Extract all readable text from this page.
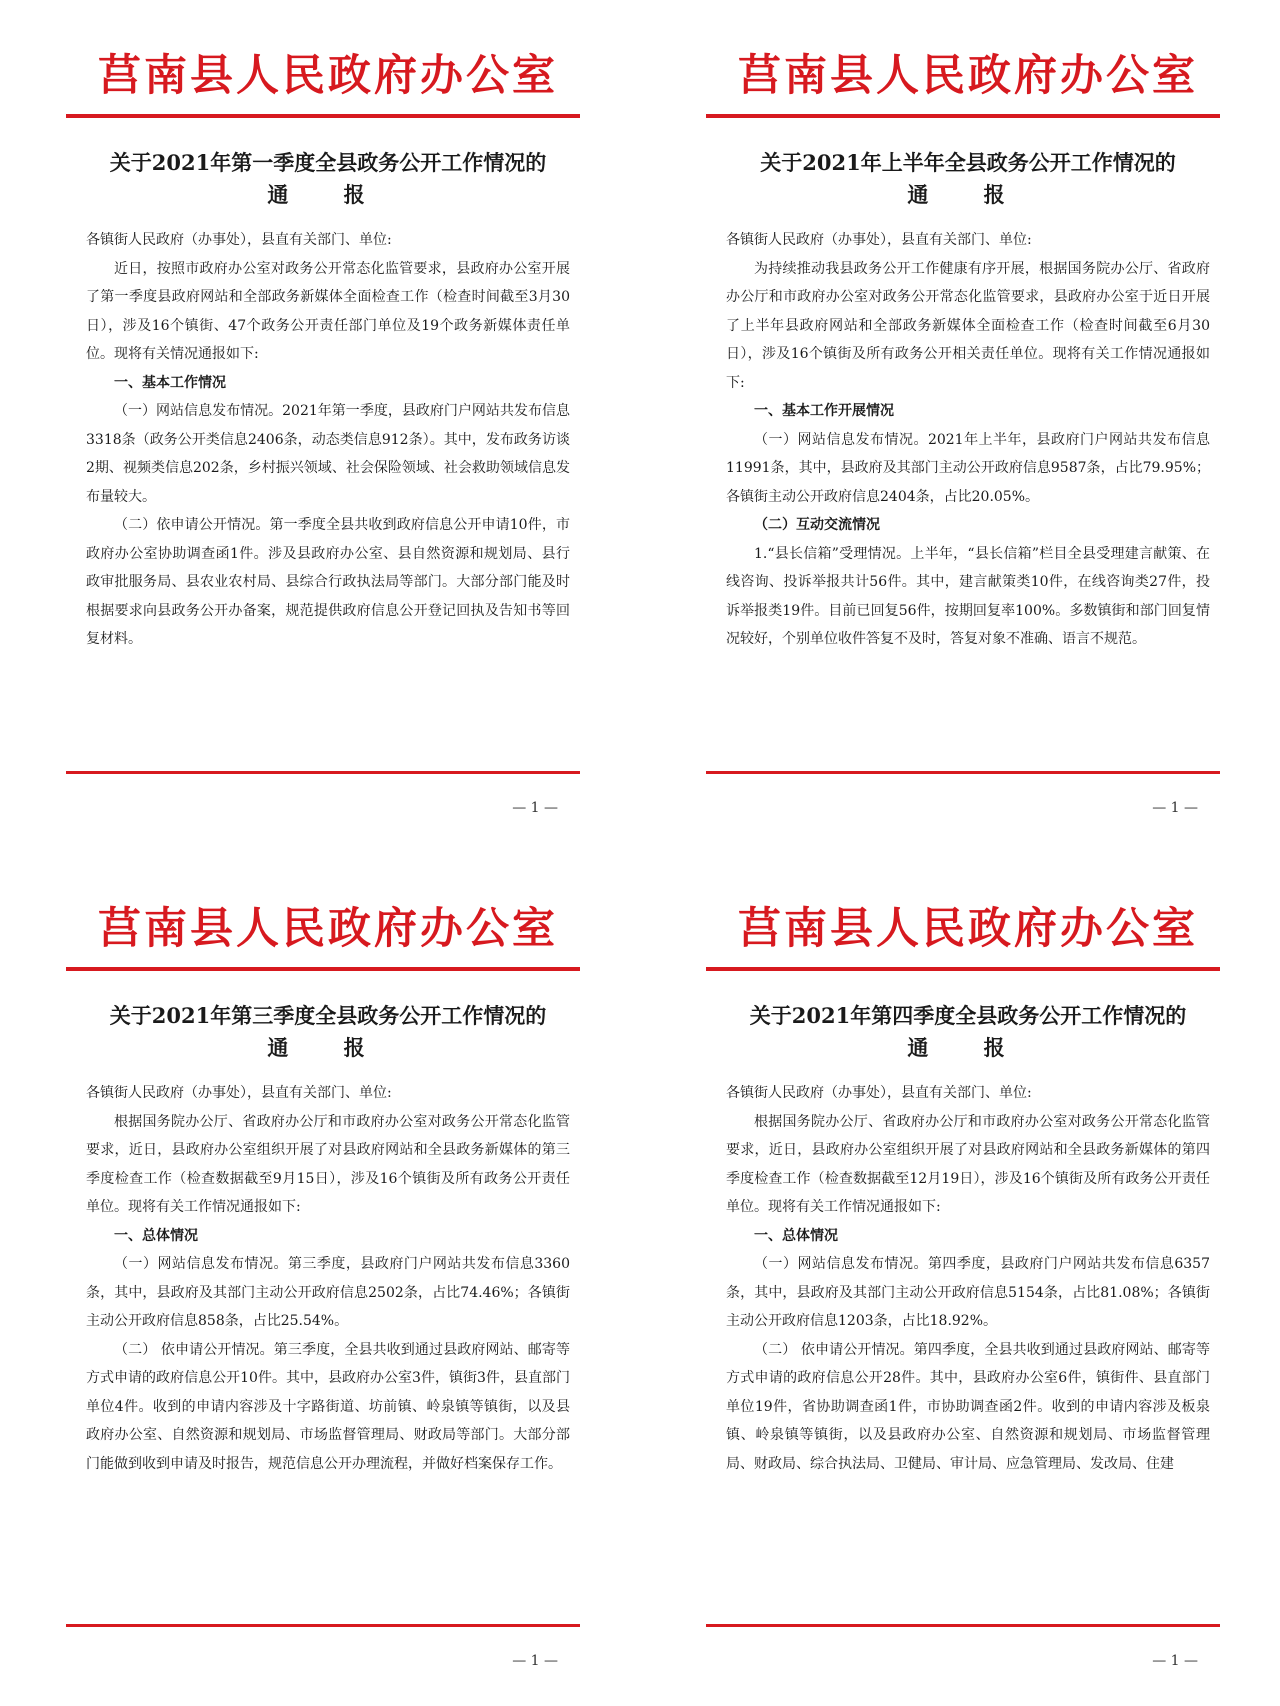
莒南县人民政府办公室
关于2021年第一季度全县政务公开工作情况的
通 报

各镇街人民政府（办事处），县直有关部门、单位:

近日，按照市政府办公室对政务公开常态化监管要求，县政府办公室开展了第一季度县政府网站和全部政务新媒体全面检查工作（检查时间截至3月30日），涉及16个镇街、47个政务公开责任部门单位及19个政务新媒体责任单位。现将有关情况通报如下:

一、基本工作情况

（一）网站信息发布情况。2021年第一季度，县政府门户网站共发布信息3318条（政务公开类信息2406条，动态类信息912条）。其中，发布政务访谈2期、视频类信息202条，乡村振兴领域、社会保险领域、社会救助领域信息发布量较大。

（二）依申请公开情况。第一季度全县共收到政府信息公开申请10件，市政府办公室协助调查函1件。涉及县政府办公室、县自然资源和规划局、县行政审批服务局、县农业农村局、县综合行政执法局等部门。大部分部门能及时根据要求向县政务公开办备案，规范提供政府信息公开登记回执及告知书等回复材料。

— 1 —
莒南县人民政府办公室
关于2021年上半年全县政务公开工作情况的
通 报

各镇街人民政府（办事处），县直有关部门、单位:

为持续推动我县政务公开工作健康有序开展，根据国务院办公厅、省政府办公厅和市政府办公室对政务公开常态化监管要求，县政府办公室于近日开展了上半年县政府网站和全部政务新媒体全面检查工作（检查时间截至6月30日），涉及16个镇街及所有政务公开相关责任单位。现将有关工作情况通报如下:

一、基本工作开展情况

（一）网站信息发布情况。2021年上半年，县政府门户网站共发布信息11991条，其中，县政府及其部门主动公开政府信息9587条，占比79.95%；各镇街主动公开政府信息2404条，占比20.05%。

（二）互动交流情况

1.“县长信箱”受理情况。上半年，“县长信箱”栏目全县受理建言献策、在线咨询、投诉举报共计56件。其中，建言献策类10件，在线咨询类27件，投诉举报类19件。目前已回复56件，按期回复率100%。多数镇街和部门回复情况较好，个别单位收件答复不及时，答复对象不准确、语言不规范。

— 1 —
莒南县人民政府办公室
关于2021年第三季度全县政务公开工作情况的
通 报

各镇街人民政府（办事处），县直有关部门、单位:

根据国务院办公厅、省政府办公厅和市政府办公室对政务公开常态化监管要求，近日，县政府办公室组织开展了对县政府网站和全县政务新媒体的第三季度检查工作（检查数据截至9月15日），涉及16个镇街及所有政务公开责任单位。现将有关工作情况通报如下:

一、总体情况

（一）网站信息发布情况。第三季度，县政府门户网站共发布信息3360条，其中，县政府及其部门主动公开政府信息2502条，占比74.46%；各镇街主动公开政府信息858条，占比25.54%。

（二） 依申请公开情况。第三季度，全县共收到通过县政府网站、邮寄等方式申请的政府信息公开10件。其中，县政府办公室3件，镇街3件，县直部门单位4件。收到的申请内容涉及十字路街道、坊前镇、岭泉镇等镇街，以及县政府办公室、自然资源和规划局、市场监督管理局、财政局等部门。大部分部门能做到收到申请及时报告，规范信息公开办理流程，并做好档案保存工作。

— 1 —
莒南县人民政府办公室
关于2021年第四季度全县政务公开工作情况的
通 报

各镇街人民政府（办事处），县直有关部门、单位:

根据国务院办公厅、省政府办公厅和市政府办公室对政务公开常态化监管要求，近日，县政府办公室组织开展了对县政府网站和全县政务新媒体的第四季度检查工作（检查数据截至12月19日），涉及16个镇街及所有政务公开责任单位。现将有关工作情况通报如下:

一、总体情况

（一）网站信息发布情况。第四季度，县政府门户网站共发布信息6357条，其中，县政府及其部门主动公开政府信息5154条，占比81.08%；各镇街主动公开政府信息1203条，占比18.92%。

（二） 依申请公开情况。第四季度，全县共收到通过县政府网站、邮寄等方式申请的政府信息公开28件。其中，县政府办公室6件，镇街件、县直部门单位19件，省协助调查函1件，市协助调查函2件。收到的申请内容涉及板泉镇、岭泉镇等镇街，以及县政府办公室、自然资源和规划局、市场监督管理局、财政局、综合执法局、卫健局、审计局、应急管理局、发改局、住建

— 1 —
